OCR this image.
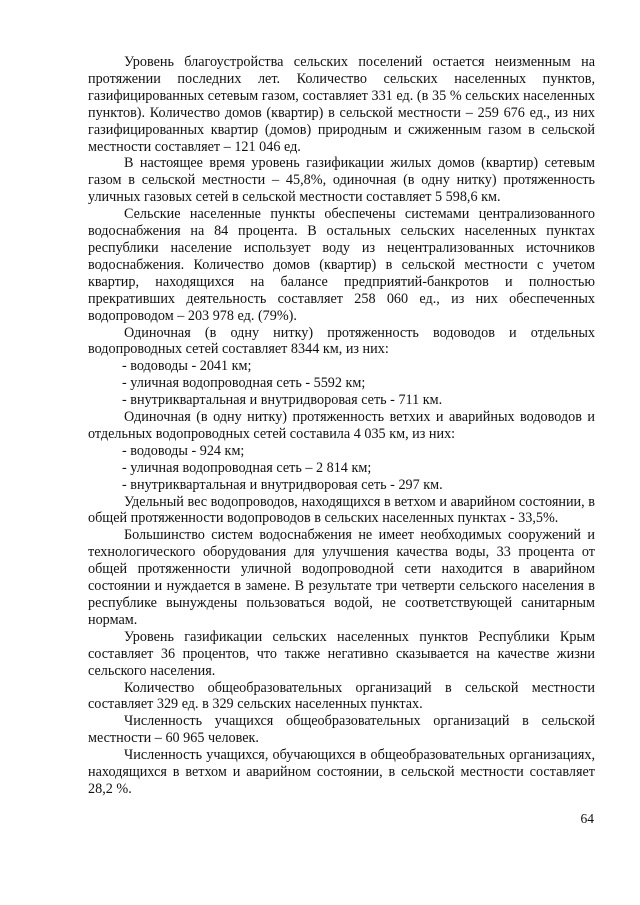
Уровень благоустройства сельских поселений остается неизменным на протяжении последних лет. Количество сельских населенных пунктов, газифицированных сетевым газом, составляет 331 ед. (в 35 % сельских населенных пунктов). Количество домов (квартир) в сельской местности – 259 676 ед., из них газифицированных квартир (домов) природным и сжиженным газом в сельской местности составляет – 121 046 ед.

В настоящее время уровень газификации жилых домов (квартир) сетевым газом в сельской местности – 45,8%, одиночная (в одну нитку) протяженность уличных газовых сетей в сельской местности составляет 5 598,6 км.

Сельские населенные пункты обеспечены системами централизованного водоснабжения на 84 процента. В остальных сельских населенных пунктах республики население использует воду из нецентрализованных источников водоснабжения. Количество домов (квартир) в сельской местности с учетом квартир, находящихся на балансе предприятий-банкротов и полностью прекративших деятельность составляет 258 060 ед., из них обеспеченных водопроводом – 203 978 ед. (79%).

Одиночная (в одну нитку) протяженность водоводов и отдельных водопроводных сетей составляет 8344 км, из них:

- водоводы - 2041 км;
- уличная водопроводная сеть - 5592 км;
- внутриквартальная и внутридворовая сеть - 711 км.

Одиночная (в одну нитку) протяженность ветхих и аварийных водоводов и отдельных водопроводных сетей составила 4 035 км, из них:

- водоводы - 924 км;
- уличная водопроводная сеть – 2 814 км;
- внутриквартальная и внутридворовая сеть - 297 км.

Удельный вес водопроводов, находящихся в ветхом и аварийном состоянии, в общей протяженности водопроводов в сельских населенных пунктах - 33,5%.

Большинство систем водоснабжения не имеет необходимых сооружений и технологического оборудования для улучшения качества воды, 33 процента от общей протяженности уличной водопроводной сети находится в аварийном состоянии и нуждается в замене. В результате три четверти сельского населения в республике вынуждены пользоваться водой, не соответствующей санитарным нормам.

Уровень газификации сельских населенных пунктов Республики Крым составляет 36 процентов, что также негативно сказывается на качестве жизни сельского населения.

Количество общеобразовательных организаций в сельской местности составляет 329 ед. в 329 сельских населенных пунктах.

Численность учащихся общеобразовательных организаций в сельской местности – 60 965 человек.

Численность учащихся, обучающихся в общеобразовательных организациях, находящихся в ветхом и аварийном состоянии, в сельской местности составляет 28,2 %.

64
